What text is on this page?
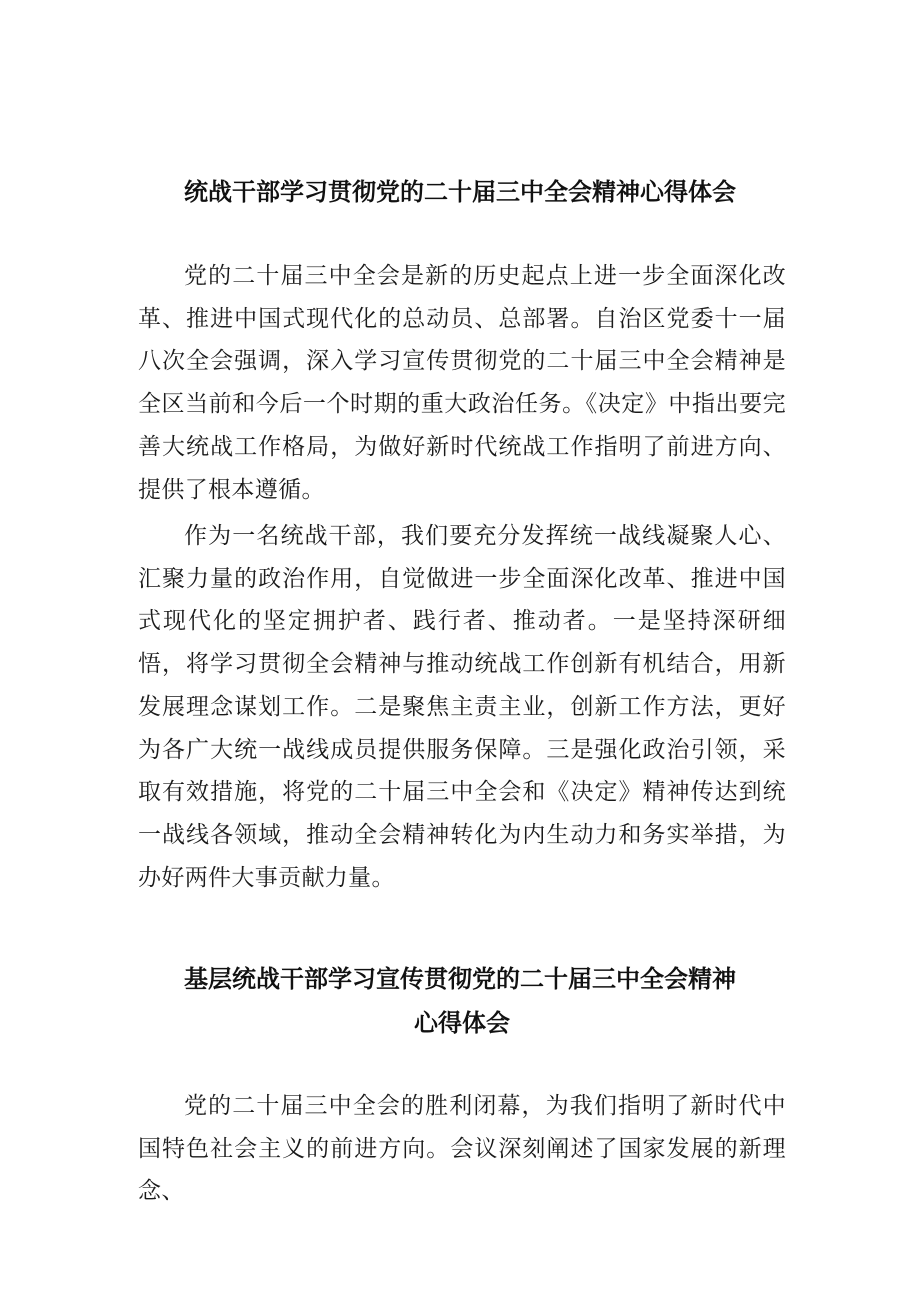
统战干部学习贯彻党的二十届三中全会精神心得体会

党的二十届三中全会是新的历史起点上进一步全面深化改革、推进中国式现代化的总动员、总部署。自治区党委十一届八次全会强调，深入学习宣传贯彻党的二十届三中全会精神是全区当前和今后一个时期的重大政治任务。《决定》中指出要完善大统战工作格局，为做好新时代统战工作指明了前进方向、提供了根本遵循。

作为一名统战干部，我们要充分发挥统一战线凝聚人心、汇聚力量的政治作用，自觉做进一步全面深化改革、推进中国式现代化的坚定拥护者、践行者、推动者。一是坚持深研细悟，将学习贯彻全会精神与推动统战工作创新有机结合，用新发展理念谋划工作。二是聚焦主责主业，创新工作方法，更好为各广大统一战线成员提供服务保障。三是强化政治引领，采取有效措施，将党的二十届三中全会和《决定》精神传达到统一战线各领域，推动全会精神转化为内生动力和务实举措，为办好两件大事贡献力量。

基层统战干部学习宣传贯彻党的二十届三中全会精神
心得体会

党的二十届三中全会的胜利闭幕，为我们指明了新时代中国特色社会主义的前进方向。会议深刻阐述了国家发展的新理念、
